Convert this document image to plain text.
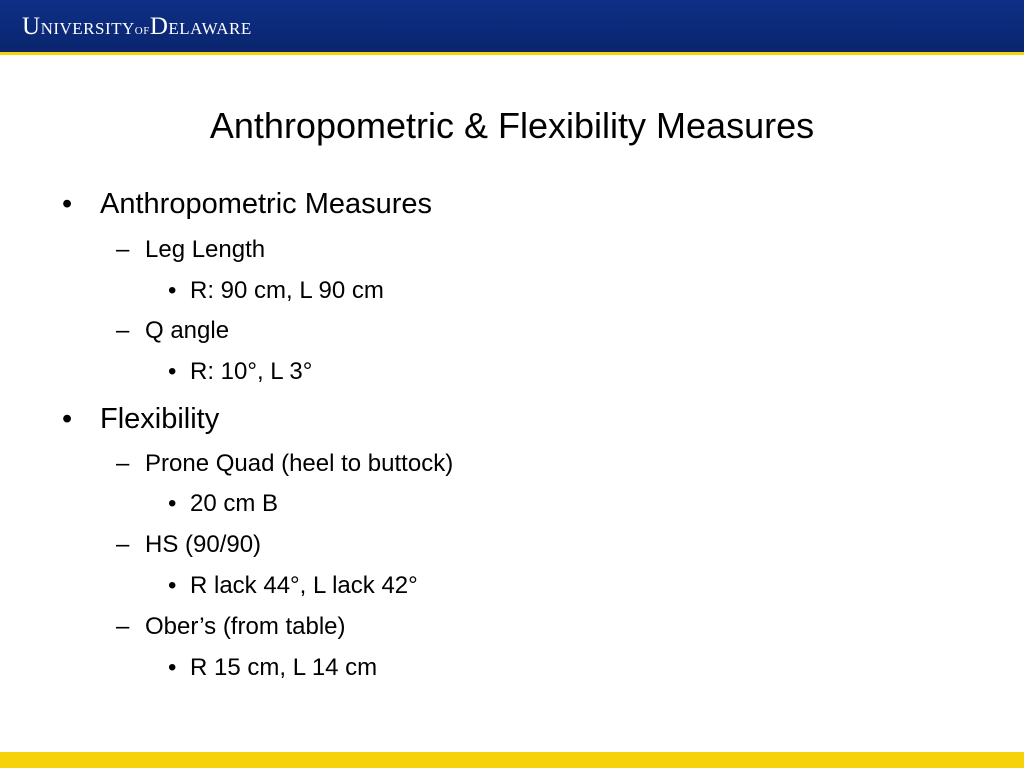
UNIVERSITYOFDELAWARE
Anthropometric & Flexibility Measures
• Anthropometric Measures
– Leg Length
• R: 90 cm, L 90 cm
– Q angle
• R: 10°, L 3°
• Flexibility
– Prone Quad (heel to buttock)
• 20 cm B
– HS (90/90)
• R lack 44°, L lack 42°
– Ober’s (from table)
• R 15 cm, L 14 cm
